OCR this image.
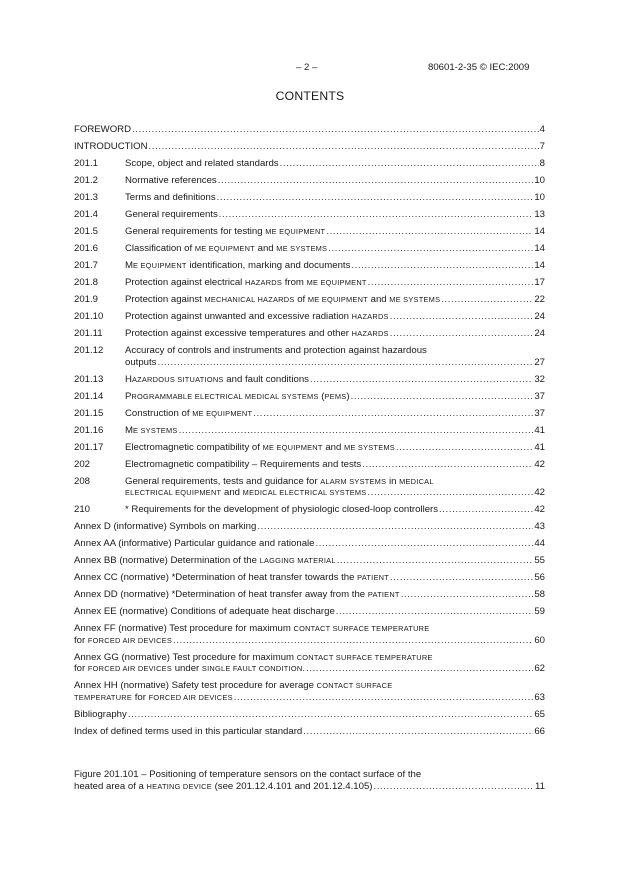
– 2 –	80601-2-35 © IEC:2009
CONTENTS
FOREWORD .....	4
INTRODUCTION .....	7
201.1	Scope, object and related standards .....	8
201.2	Normative references .....	10
201.3	Terms and definitions .....	10
201.4	General requirements .....	13
201.5	General requirements for testing ME EQUIPMENT .....	14
201.6	Classification of ME EQUIPMENT and ME SYSTEMS .....	14
201.7	ME EQUIPMENT identification, marking and documents .....	14
201.8	Protection against electrical HAZARDS from ME EQUIPMENT .....	17
201.9	Protection against MECHANICAL HAZARDS of ME EQUIPMENT and ME SYSTEMS .....	22
201.10	Protection against unwanted and excessive radiation HAZARDS .....	24
201.11	Protection against excessive temperatures and other HAZARDS .....	24
201.12	Accuracy of controls and instruments and protection against hazardous
outputs .....	27
201.13	HAZARDOUS SITUATIONS and fault conditions .....	32
201.14	PROGRAMMABLE ELECTRICAL MEDICAL SYSTEMS (PEMS) .....	37
201.15	Construction of ME EQUIPMENT .....	37
201.16	ME SYSTEMS .....	41
201.17	Electromagnetic compatibility of ME EQUIPMENT and ME SYSTEMS .....	41
202	Electromagnetic compatibility – Requirements and tests .....	42
208	General requirements, tests and guidance for ALARM SYSTEMS in MEDICAL
ELECTRICAL EQUIPMENT and MEDICAL ELECTRICAL SYSTEMS .....	42
210	* Requirements for the development of physiologic closed-loop controllers .....	42
Annex D (informative) Symbols on marking .....	43
Annex AA (informative) Particular guidance and rationale .....	44
Annex BB (normative) Determination of the LAGGING MATERIAL .....	55
Annex CC (normative) *Determination of heat transfer towards the PATIENT .....	56
Annex DD (normative) *Determination of heat transfer away from the PATIENT .....	58
Annex EE (normative) Conditions of adequate heat discharge .....	59
Annex FF (normative) Test procedure for maximum CONTACT SURFACE TEMPERATURE
for FORCED AIR DEVICES .....	60
Annex GG (normative) Test procedure for maximum CONTACT SURFACE TEMPERATURE
for FORCED AIR DEVICES under SINGLE FAULT CONDITION. .....	62
Annex HH (normative) Safety test procedure for average CONTACT SURFACE
TEMPERATURE for FORCED AIR DEVICES .....	63
Bibliography .....	65
Index of defined terms used in this particular standard .....	66
Figure 201.101 – Positioning of temperature sensors on the contact surface of the
heated area of a HEATING DEVICE (see 201.12.4.101 and 201.12.4.105) .....	11
